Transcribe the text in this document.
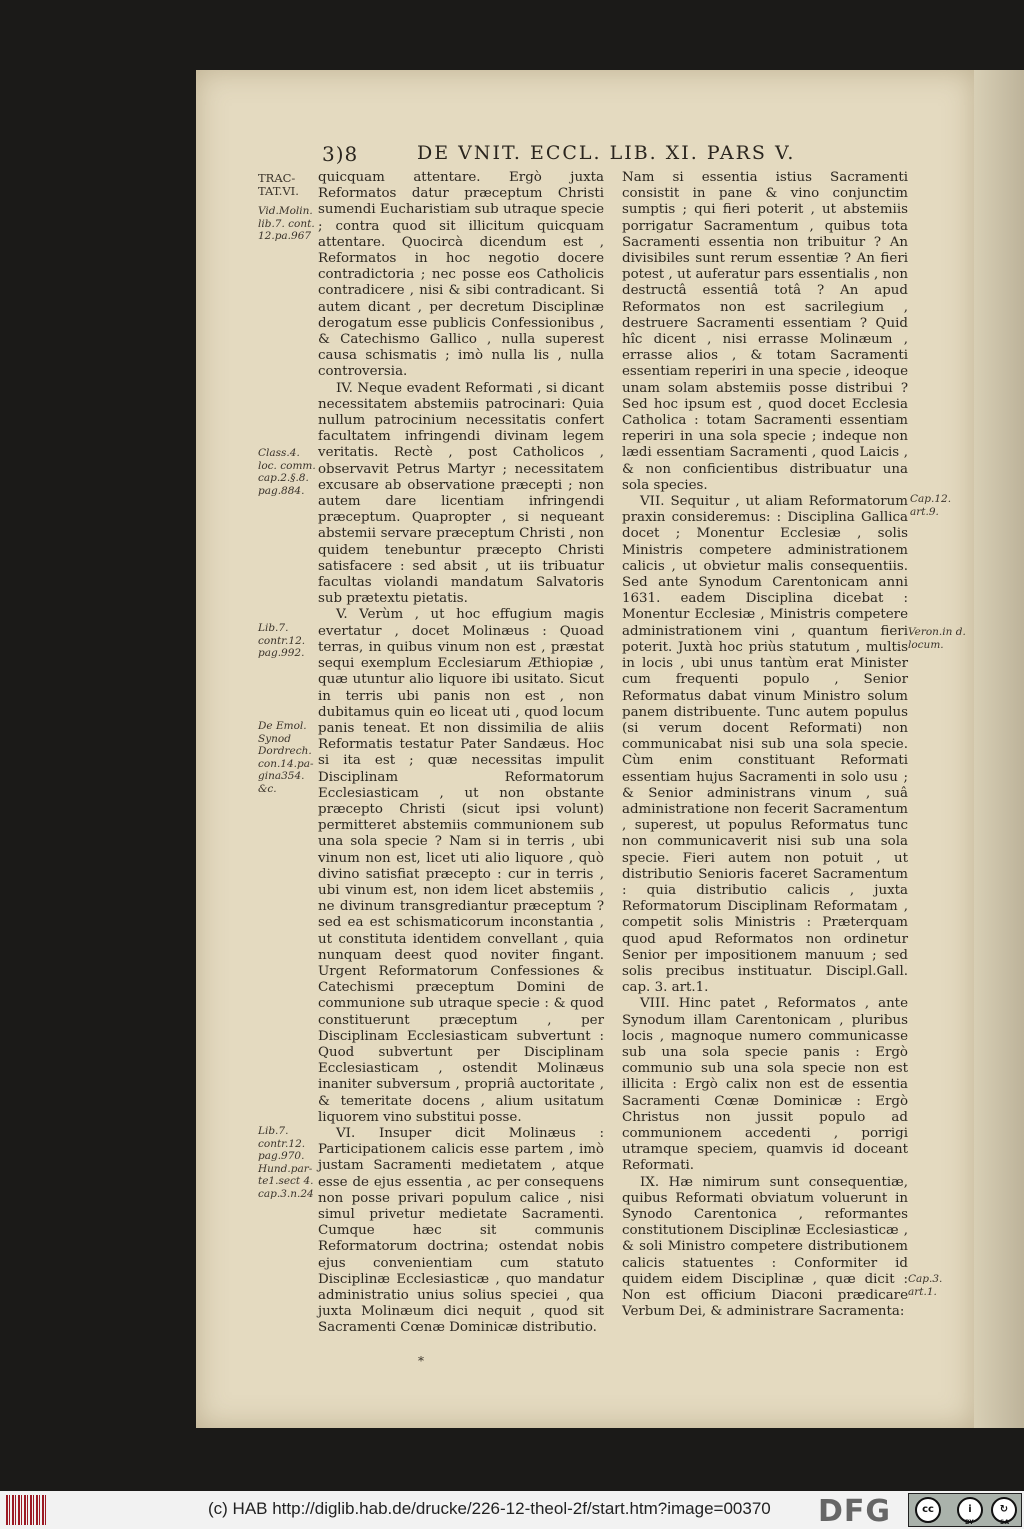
3)8	DE VNIT. ECCL. LIB. XI. PARS V.

quicquam attentare. Ergò juxta Reformatos datur præceptum Christi sumendi Eucharistiam sub utraque specie ; contra quod sit illicitum quicquam attentare. Quocircà dicendum est , Reformatos in hoc negotio docere contradictoria ; nec posse eos Catholicis contradicere , nisi & sibi contradicant. Si autem dicant , per decretum Disciplinæ derogatum esse publicis Confessionibus , & Catechismo Gallico , nulla superest causa schismatis ; imò nulla lis , nulla controversia.

IV. Neque evadent Reformati , si dicant necessitatem abstemiis patrocinari: Quia nullum patrocinium necessitatis confert facultatem infringendi divinam legem veritatis. Rectè , post Catholicos , observavit Petrus Martyr ; necessitatem excusare ab observatione præcepti ; non autem dare licentiam infringendi præceptum. Quapropter , si nequeant abstemii servare præceptum Christi , non quidem tenebuntur præcepto Christi satisfacere : sed absit , ut iis tribuatur facultas violandi mandatum Salvatoris sub prætextu pietatis.

V. Verùm , ut hoc effugium magis evertatur , docet Molinæus : Quoad terras, in quibus vinum non est , præstat sequi exemplum Ecclesiarum Æthiopiæ , quæ utuntur alio liquore ibi usitato. Sicut in terris ubi panis non est , non dubitamus quin eo liceat uti , quod locum panis teneat. Et non dissimilia de aliis Reformatis testatur Pater Sandæus. Hoc si ita est ; quæ necessitas impulit Disciplinam Reformatorum Ecclesiasticam , ut non obstante præcepto Christi (sicut ipsi volunt) permitteret abstemiis communionem sub una sola specie ? Nam si in terris , ubi vinum non est, licet uti alio liquore , quò divino satisfiat præcepto : cur in terris , ubi vinum est, non idem licet abstemiis , ne divinum transgrediantur præceptum ? sed ea est schismaticorum inconstantia , ut constituta identidem convellant , quia nunquam deest quod noviter fingant. Urgent Reformatorum Confessiones & Catechismi præceptum Domini de communione sub utraque specie : & quod constituerunt præceptum , per Disciplinam Ecclesiasticam subvertunt : Quod subvertunt per Disciplinam Ecclesiasticam , ostendit Molinæus inaniter subversum , propriâ auctoritate , & temeritate docens , alium usitatum liquorem vino substitui posse.

VI. Insuper dicit Molinæus : Participationem calicis esse partem , imò justam Sacramenti medietatem , atque esse de ejus essentia , ac per consequens non posse privari populum calice , nisi simul privetur medietate Sacramenti. Cumque hæc sit communis Reformatorum doctrina; ostendat nobis ejus convenientiam cum statuto Disciplinæ Ecclesiasticæ , quo mandatur administratio unius solius speciei , qua juxta Molinæum dici nequit , quod sit Sacramenti Cœnæ Dominicæ distributio.

Nam si essentia istius Sacramenti consistit in pane & vino conjunctim sumptis ; qui fieri poterit , ut abstemiis porrigatur Sacramentum , quibus tota Sacramenti essentia non tribuitur ? An divisibiles sunt rerum essentiæ ? An fieri potest , ut auferatur pars essentialis , non destructâ essentiâ totâ ? An apud Reformatos non est sacrilegium , destruere Sacramenti essentiam ? Quid hîc dicent , nisi errasse Molinæum , errasse alios , & totam Sacramenti essentiam reperiri in una specie , ideoque unam solam abstemiis posse distribui ? Sed hoc ipsum est , quod docet Ecclesia Catholica : totam Sacramenti essentiam reperiri in una sola specie ; indeque non lædi essentiam Sacramenti , quod Laicis , & non conficientibus distribuatur una sola species.

VII. Sequitur , ut aliam Reformatorum praxin consideremus: : Disciplina Gallica docet ; Monentur Ecclesiæ , solis Ministris competere administrationem calicis , ut obvietur malis consequentiis. Sed ante Synodum Carentonicam anni 1631. eadem Disciplina dicebat : Monentur Ecclesiæ , Ministris competere administrationem vini , quantum fieri poterit. Juxtà hoc priùs statutum , multis in locis , ubi unus tantùm erat Minister cum frequenti populo , Senior Reformatus dabat vinum Ministro solum panem distribuente. Tunc autem populus (si verum docent Reformati) non communicabat nisi sub una sola specie. Cùm enim constituant Reformati essentiam hujus Sacramenti in solo usu ; & Senior administrans vinum , suâ administratione non fecerit Sacramentum , superest, ut populus Reformatus tunc non communicaverit nisi sub una sola specie. Fieri autem non potuit , ut distributio Senioris faceret Sacramentum : quia distributio calicis , juxta Reformatorum Disciplinam Reformatam , competit solis Ministris : Præterquam quod apud Reformatos non ordinetur Senior per impositionem manuum ; sed solis precibus instituatur. Discipl.Gall. cap. 3. art.1.

VIII. Hinc patet , Reformatos , ante Synodum illam Carentonicam , pluribus locis , magnoque numero communicasse sub una sola specie panis : Ergò communio sub una sola specie non est illicita : Ergò calix non est de essentia Sacramenti Cœnæ Dominicæ : Ergò Christus non jussit populo ad communionem accedenti , porrigi utramque speciem, quamvis id doceant Reformati.

IX. Hæ nimirum sunt consequentiæ, quibus Reformati obviatum voluerunt in Synodo Carentonica , reformantes constitutionem Disciplinæ Ecclesiasticæ , & soli Ministro competere distributionem calicis statuentes : Conformiter id quidem eidem Disciplinæ , quæ dicit : Non est officium Diaconi prædicare Verbum Dei, & administrare Sacramenta:

TRAC-
TAT.VI.
Vid.Molin.
lib.7. cont.
12.pa.967
Class.4.
loc. comm.
cap.2.§.8.
pag.884.
Lib.7.
contr.12.
pag.992.
De Emol.
Synod
Dordrech.
con.14.pa-
gina354.
&c.
Lib.7.
contr.12.
pag.970.
Hund.par-
te1.sect 4.
cap.3.n.24
Cap.12.
art.9.
Veron.in d.
locum.
Cap.3.
art.1.
*
(c) HAB http://diglib.hab.de/drucke/226-12-theol-2f/start.htm?image=00370 DFG	cc	i	↻
BY	SA
